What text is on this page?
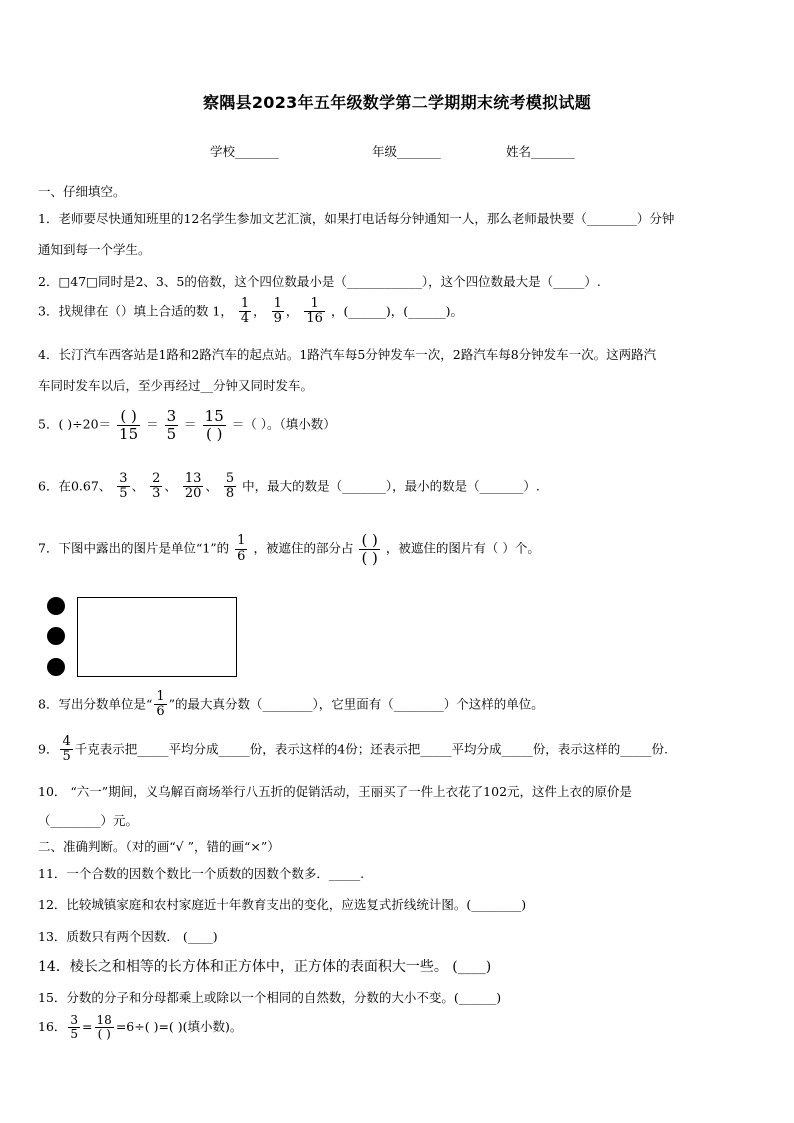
察隅县2023年五年级数学第二学期期末统考模拟试题
学校_______	年级_______	姓名_______
一、仔细填空。
1．老师要尽快通知班里的12名学生参加文艺汇演，如果打电话每分钟通知一人，那么老师最快要（________）分钟
通知到每一个学生。
2．□47□同时是2、3、5的倍数，这个四位数最小是（____________），这个四位数最大是（_____）.
3．找规律在（）填上合适的数 1， $\frac{1}{4}$ ， $\frac{1}{9}$ ， $\frac{1}{16}$ ，(______)，(______)。
4．长汀汽车西客站是1路和2路汽车的起点站。1路汽车每5分钟发车一次，2路汽车每8分钟发车一次。这两路汽
车同时发车以后，至少再经过__分钟又同时发车。
5．( )$\div 20= \frac{( )}{15} = \frac{3}{5} = \frac{15}{( )}$ ＝（ ）。（填小数）
6．在0.67、 $\frac{3}{5}$ 、 $\frac{2}{3}$ 、 $\frac{13}{20}$ 、 $\frac{5}{8}$ 中，最大的数是（_______），最小的数是（_______）.
7．下图中露出的图片是单位“1”的 $\frac{1}{6}$ ，被遮住的部分占 $\frac{( )}{( )}$ ，被遮住的图片有（ ）个。
8．写出分数单位是“ $\frac{1}{6}$ ”的最大真分数（________），它里面有（________）个这样的单位。
9． $\frac{4}{5}$ 千克表示把_____平均分成_____份，表示这样的4份；还表示把_____平均分成_____份，表示这样的_____份.
10． “六一”期间，义乌解百商场举行八五折的促销活动，王丽买了一件上衣花了102元，这件上衣的原价是
（________）元。
二、准确判断。（对的画“√ ”，错的画“×”）
11．一个合数的因数个数比一个质数的因数个数多．_____.
12．比较城镇家庭和农村家庭近十年教育支出的变化，应选复式折线统计图。(________)
13．质数只有两个因数． (____)
14．棱长之和相等的长方体和正方体中，正方体的表面积大一些。 (____)
15．分数的分子和分母都乘上或除以一个相同的自然数，分数的大小不变。(______)
16． $\frac{3}{5} = \frac{18}{( )} =6\div$( )=( )(填小数)。
